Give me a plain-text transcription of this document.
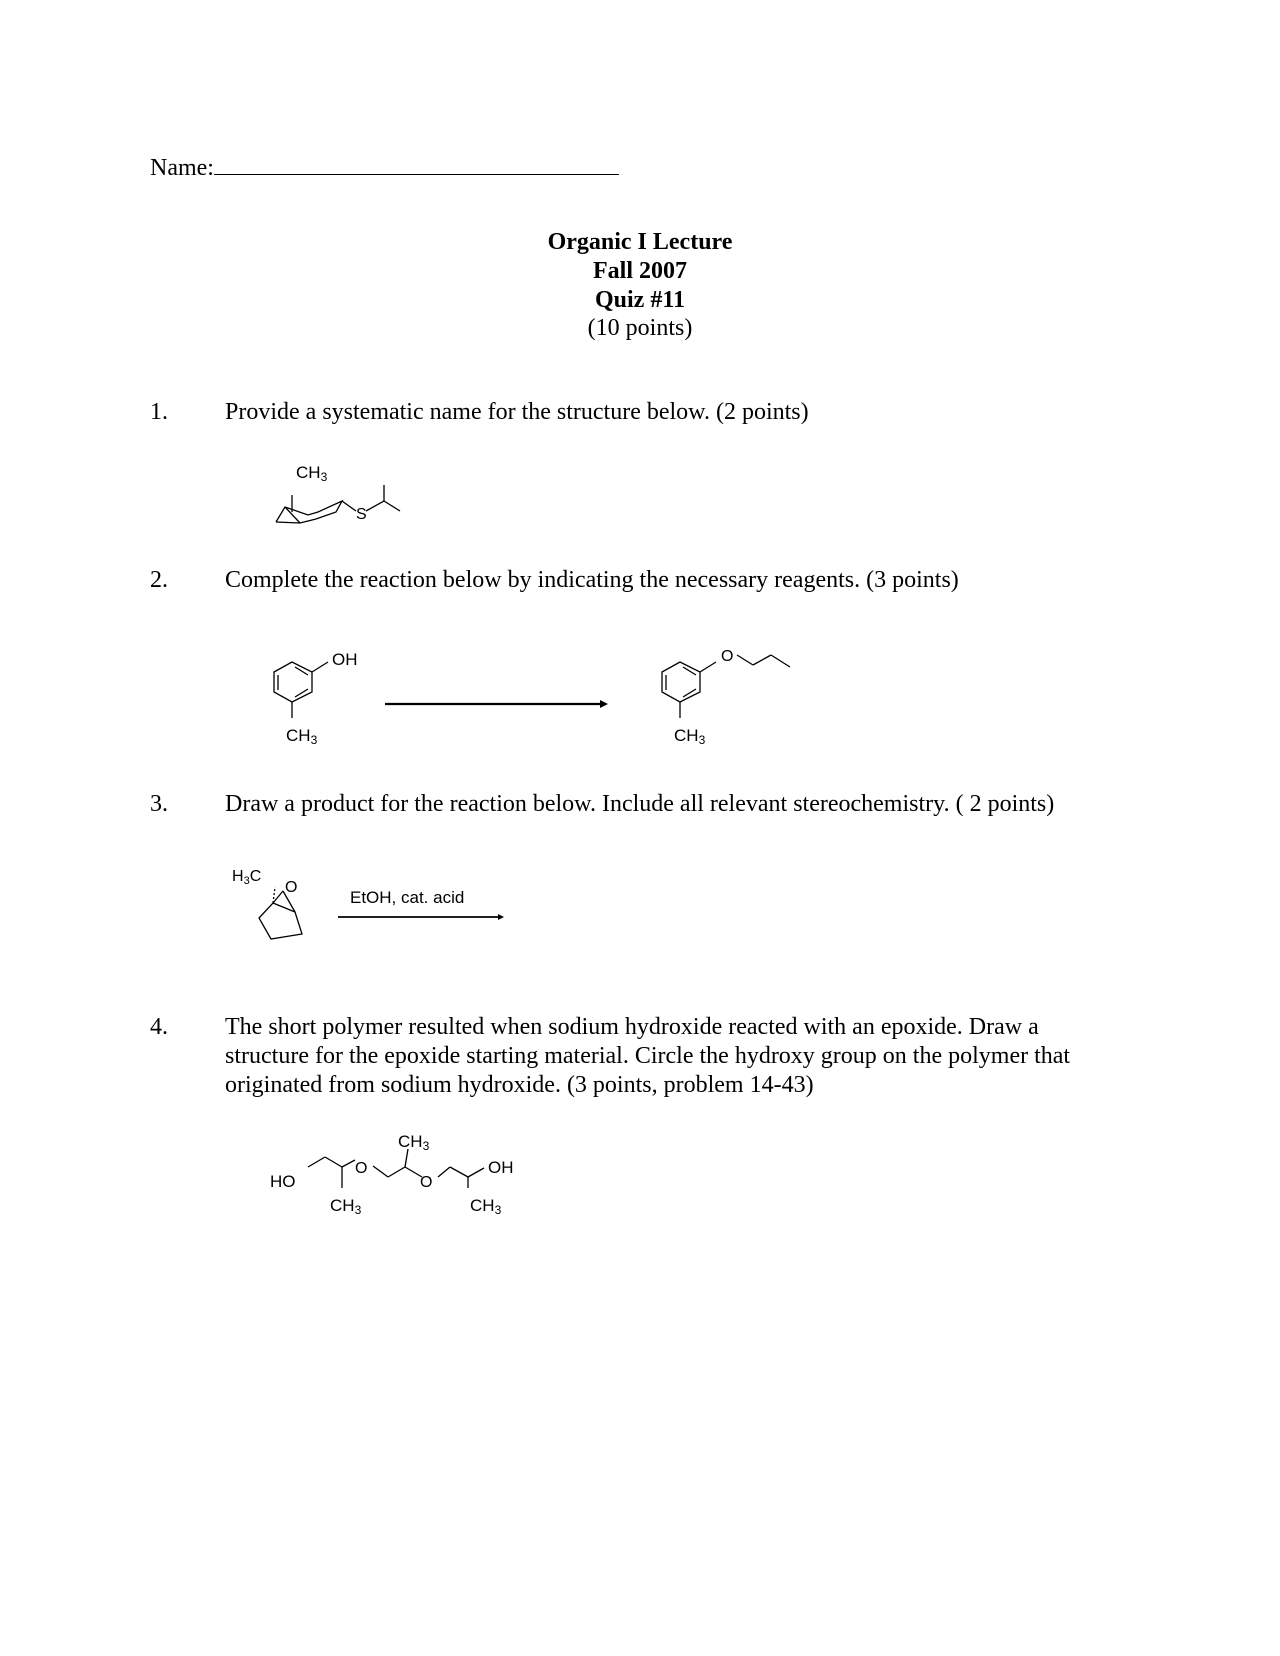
Name:
Organic I Lecture
Fall 2007
Quiz #11
(10 points)
1. Provide a systematic name for the structure below. (2 points)
CH3
S
2. Complete the reaction below by indicating the necessary reagents. (3 points)
OH
CH3
O
CH3
3. Draw a product for the reaction below. Include all relevant stereochemistry. ( 2 points)
H3C
O
EtOH, cat. acid
4. The short polymer resulted when sodium hydroxide reacted with an epoxide. Draw a
structure for the epoxide starting material. Circle the hydroxy group on the polymer that
originated from sodium hydroxide. (3 points, problem 14-43)
HO
O
O
OH
CH3
CH3	CH3
